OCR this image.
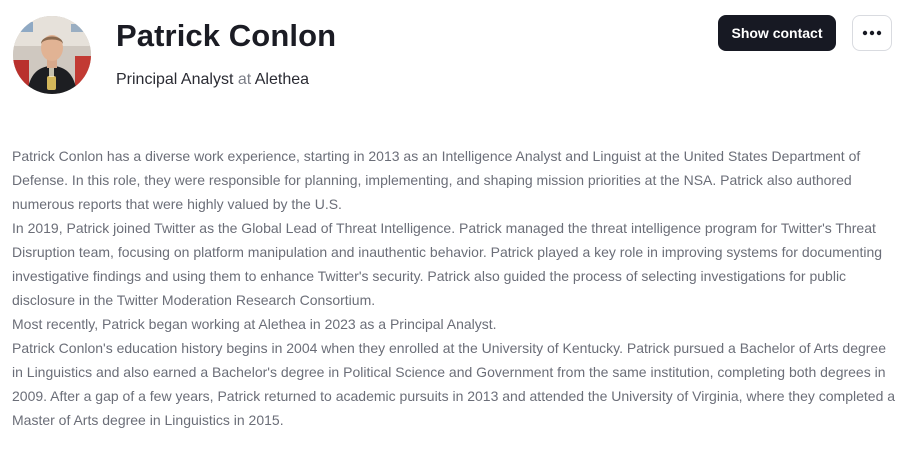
Patrick Conlon
Principal Analyst at Alethea
Show contact

Patrick Conlon has a diverse work experience, starting in 2013 as an Intelligence Analyst and Linguist at the United States Department of Defense. In this role, they were responsible for planning, implementing, and shaping mission priorities at the NSA. Patrick also authored numerous reports that were highly valued by the U.S.

In 2019, Patrick joined Twitter as the Global Lead of Threat Intelligence. Patrick managed the threat intelligence program for Twitter's Threat Disruption team, focusing on platform manipulation and inauthentic behavior. Patrick played a key role in improving systems for documenting investigative findings and using them to enhance Twitter's security. Patrick also guided the process of selecting investigations for public disclosure in the Twitter Moderation Research Consortium.

Most recently, Patrick began working at Alethea in 2023 as a Principal Analyst.

Patrick Conlon's education history begins in 2004 when they enrolled at the University of Kentucky. Patrick pursued a Bachelor of Arts degree in Linguistics and also earned a Bachelor's degree in Political Science and Government from the same institution, completing both degrees in 2009. After a gap of a few years, Patrick returned to academic pursuits in 2013 and attended the University of Virginia, where they completed a Master of Arts degree in Linguistics in 2015.
